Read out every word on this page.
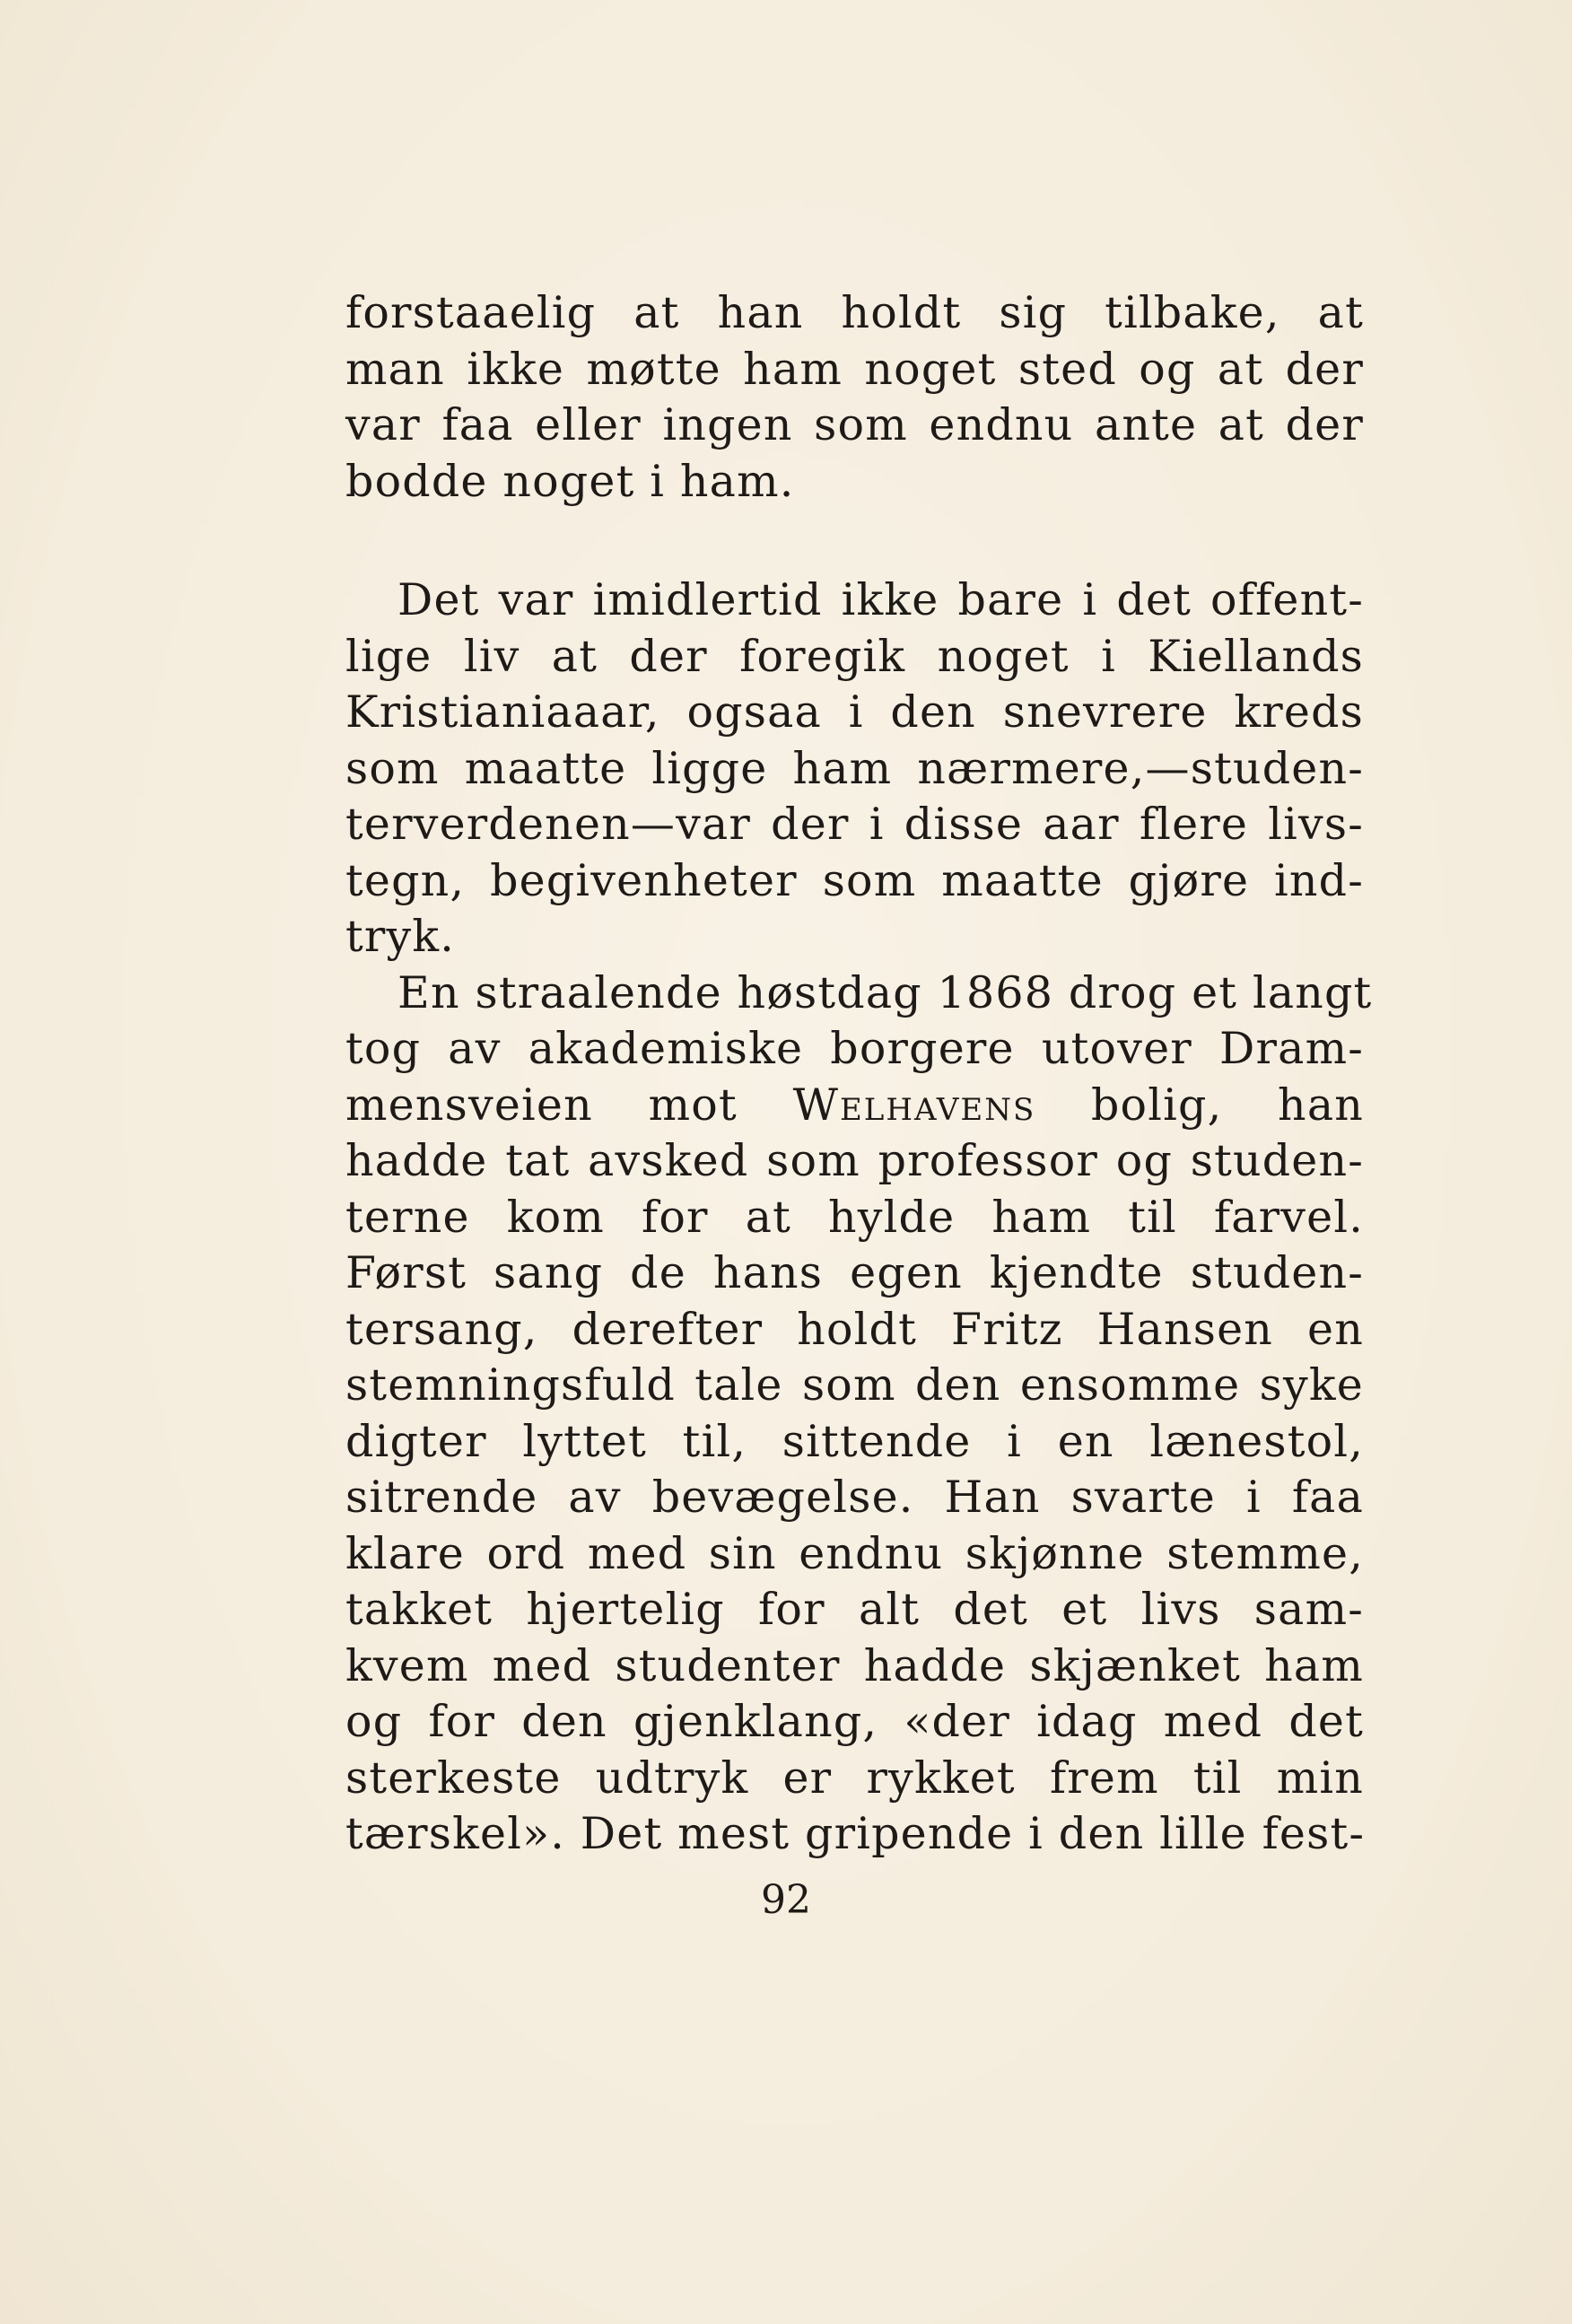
forstaaelig at han holdt sig tilbake, at
man ikke møtte ham noget sted og at der
var faa eller ingen som endnu ante at der
bodde noget i ham.
Det var imidlertid ikke bare i det offent-
lige liv at der foregik noget i Kiellands
Kristianiaaar, ogsaa i den snevrere kreds
som maatte ligge ham nærmere,—studen-
terverdenen—var der i disse aar flere livs-
tegn, begivenheter som maatte gjøre ind-
tryk.
En straalende høstdag 1868 drog et langt
tog av akademiske borgere utover Dram-
mensveien mot Welhavens bolig, han
hadde tat avsked som professor og studen-
terne kom for at hylde ham til farvel.
Først sang de hans egen kjendte studen-
tersang, derefter holdt Fritz Hansen en
stemningsfuld tale som den ensomme syke
digter lyttet til, sittende i en lænestol,
sitrende av bevægelse. Han svarte i faa
klare ord med sin endnu skjønne stemme,
takket hjertelig for alt det et livs sam-
kvem med studenter hadde skjænket ham
og for den gjenklang, «der idag med det
sterkeste udtryk er rykket frem til min
tærskel». Det mest gripende i den lille fest-
92
